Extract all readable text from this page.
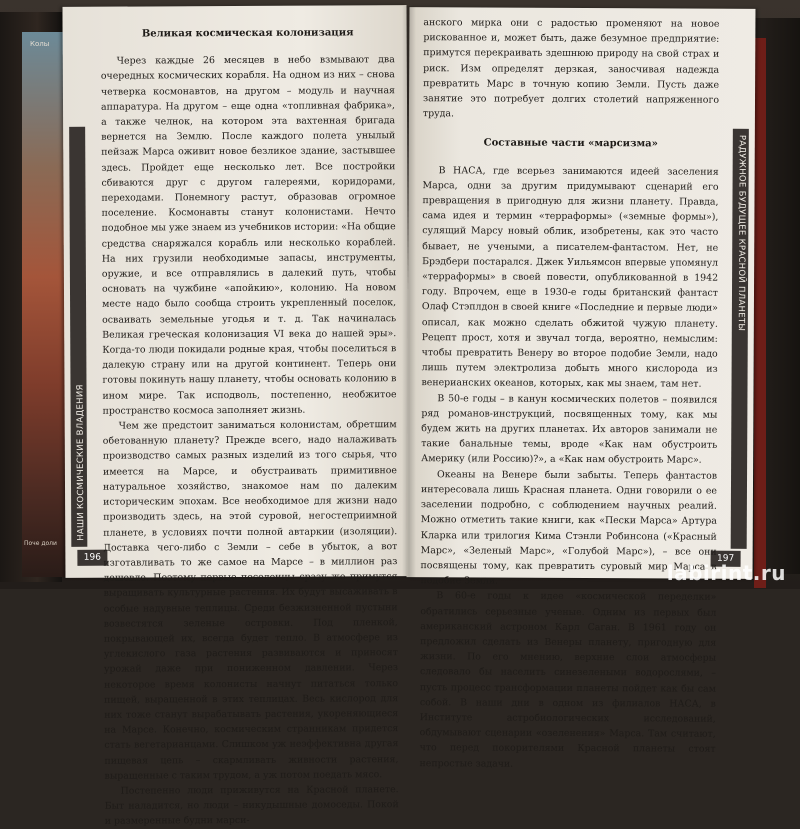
Колы
Поче доли
НАШИ КОСМИЧЕСКИЕ ВЛАДЕНИЯ
196
Великая космическая колонизация

Через каждые 26 месяцев в небо взмывают два очередных космических корабля. На одном из них – снова четверка космонавтов, на другом – модуль и научная аппаратура. На другом – еще одна «топливная фабрика», а также челнок, на котором эта вахтенная бригада вернется на Землю. После каждого полета унылый пейзаж Марса оживит новое безликое здание, застывшее здесь. Пройдет еще несколько лет. Все постройки сбиваются друг с другом галереями, коридорами, переходами. Понемногу растут, образовав огромное поселение. Космонавты станут колонистами. Нечто подобное мы уже знаем из учебников истории: «На общие средства снаряжался корабль или несколько кораблей. На них грузили необходимые запасы, инструменты, оружие, и все отправлялись в далекий путь, чтобы основать на чужбине «апойкию», колонию. На новом месте надо было сообща строить укрепленный поселок, осваивать земельные угодья и т. д. Так начиналась Великая греческая колонизация VI века до нашей эры». Когда-то люди покидали родные края, чтобы поселиться в далекую страну или на другой континент. Теперь они готовы покинуть нашу планету, чтобы основать колонию в ином мире. Так исподволь, постепенно, необжитое пространство космоса заполняет жизнь.

Чем же предстоит заниматься колонистам, обретшим обетованную планету? Прежде всего, надо налаживать производство самых разных изделий из того сырья, что имеется на Марсе, и обустраивать примитивное натуральное хозяйство, знакомое нам по далеким историческим эпохам. Все необходимое для жизни надо производить здесь, на этой суровой, негостеприимной планете, в условиях почти полной автаркии (изоляции). Доставка чего-либо с Земли – себе в убыток, а вот изготавливать то же самое на Марсе – в миллион раз дешевле. Поэтому первые поселенцы сразу же примутся выращивать культурные растения. Их будут высаживать в особые надувные теплицы. Среди безжизненной пустыни возвестятся зеленые островки. Под пленкой, покрывающей их, всегда будет тепло. В атмосфере из углекислого газа растения развиваются и приносят урожай даже при пониженном давлении. Через некоторое время колонисты начнут питаться только пищей, выращенной в этих теплицах. Весь кислород для них тоже станут вырабатывать растения, укореняющиеся на Марсе. Конечно, космическим странникам придется стать вегетарианцами. Слишком уж неэффективна другая пищевая цепь – скармливать живности растения, выращенные с таким трудом, а уж потом поедать мясо.

Постепенно люди приживутся на Красной планете. Быт наладится, но люди – никудышные домоседы. Покой и размеренные будни марси-

РАДУЖНОЕ БУДУЩЕЕ КРАСНОЙ ПЛАНЕТЫ
197

анского мирка они с радостью променяют на новое рискованное и, может быть, даже безумное предприятие: примутся перекраивать здешнюю природу на свой страх и риск. Изм определят дерзкая, заносчивая надежда превратить Марс в точную копию Земли. Пусть даже занятие это потребует долгих столетий напряженного труда.

Составные части «марсизма»

В НАСА, где всерьез занимаются идеей заселения Марса, одни за другим придумывают сценарий его превращения в пригодную для жизни планету. Правда, сама идея и термин «терраформы» («земные формы»), сулящий Марсу новый облик, изобретены, как это часто бывает, не учеными, а писателем-фантастом. Нет, не Брэдбери постарался. Джек Уильямсон впервые упомянул «терраформы» в своей повести, опубликованной в 1942 году. Впрочем, еще в 1930-е годы британский фантаст Олаф Стэплдон в своей книге «Последние и первые люди» описал, как можно сделать обжитой чужую планету. Рецепт прост, хотя и звучал тогда, вероятно, немыслим: чтобы превратить Венеру во второе подобие Земли, надо лишь путем электролиза добыть много кислорода из венерианских океанов, которых, как мы знаем, там нет.

В 50-е годы – в канун космических полетов – появился ряд романов-инструкций, посвященных тому, как мы будем жить на других планетах. Их авторов занимали не такие банальные темы, вроде «Как нам обустроить Америку (или Россию)?», а «Как нам обустроить Марс».

Океаны на Венере были забыты. Теперь фантастов интересовала лишь Красная планета. Одни говорили о ее заселении подробно, с соблюдением научных реалий. Можно отметить такие книги, как «Пески Марса» Артура Кларка или трилогия Кима Стэнли Робинсона («Красный Марс», «Зеленый Марс», «Голубой Марс»), – все они посвящены тому, как превратить суровый мир Марса в подобие Земли.

В 60-е годы к идее «космической переделки» обратились серьезные ученые. Одним из первых был американский астроном Карл Саган. В 1961 году он предложил сделать из Венеры планету, пригодную для жизни. По его мнению, верхние слои атмосферы следовало бы населить синезелеными водорослями, – пусть процесс трансформации планеты пойдет как бы сам собой. В наши дни в одном из филиалов НАСА, в Институте астробиологических исследований, обдумывают сценарии «озеленения» Марса. Там считают, что перед покорителями Красной планеты стоят непростые задачи.

labirint.ru
